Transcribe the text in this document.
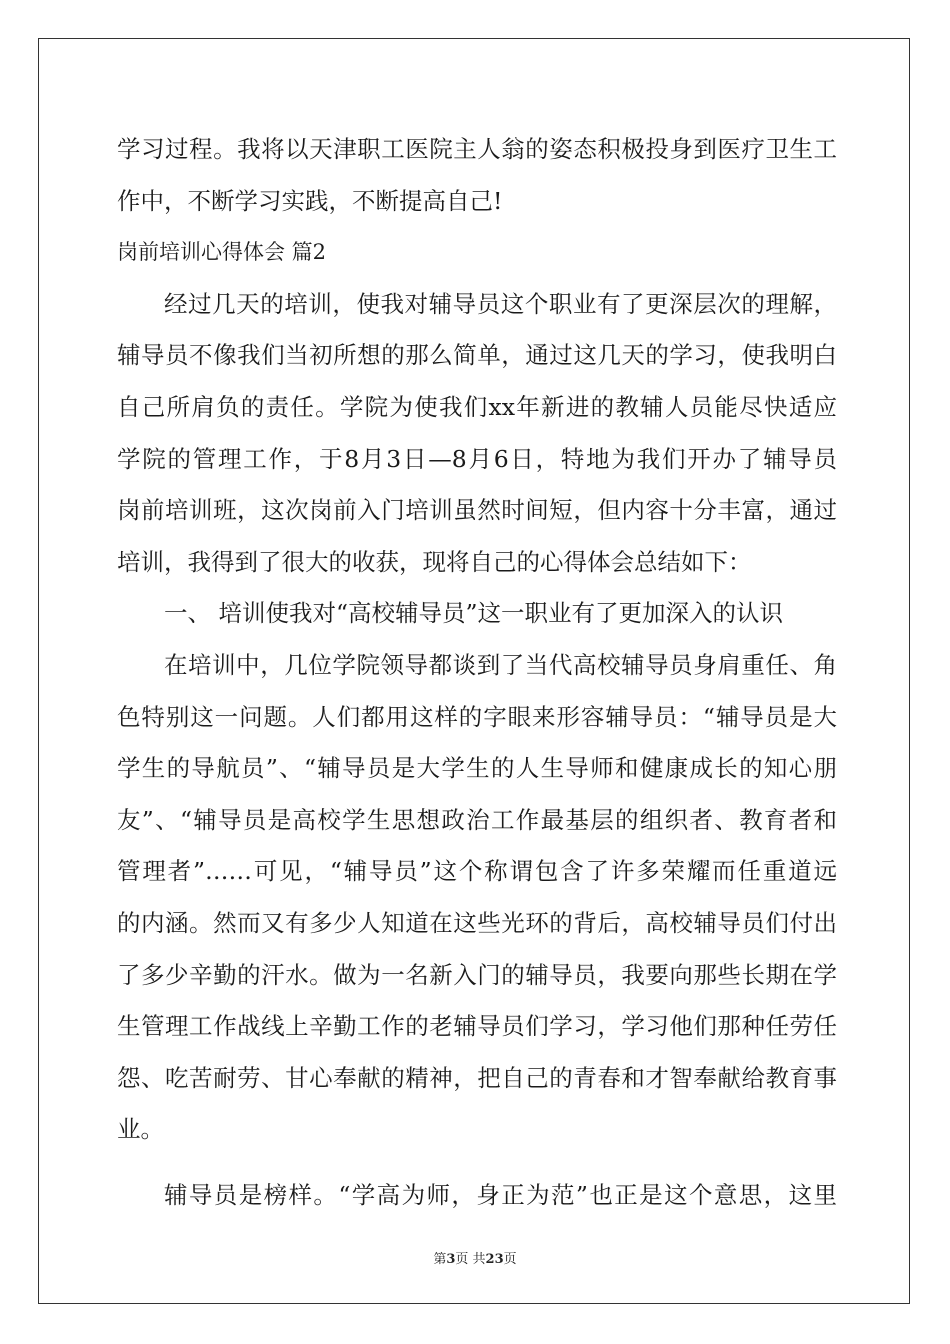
学习过程。我将以天津职工医院主人翁的姿态积极投身到医疗卫生工
作中，不断学习实践，不断提高自己!
岗前培训心得体会 篇2
经过几天的培训，使我对辅导员这个职业有了更深层次的理解，
辅导员不像我们当初所想的那么简单，通过这几天的学习，使我明白
自己所肩负的责任。学院为使我们xx年新进的教辅人员能尽快适应
学院的管理工作，于8月3日—8月6日，特地为我们开办了辅导员
岗前培训班，这次岗前入门培训虽然时间短，但内容十分丰富，通过
培训，我得到了很大的收获，现将自己的心得体会总结如下：
一、 培训使我对“高校辅导员”这一职业有了更加深入的认识
在培训中，几位学院领导都谈到了当代高校辅导员身肩重任、角
色特别这一问题。人们都用这样的字眼来形容辅导员：“辅导员是大
学生的导航员”、“辅导员是大学生的人生导师和健康成长的知心朋
友”、“辅导员是高校学生思想政治工作最基层的组织者、教育者和
管理者”……可见，“辅导员”这个称谓包含了许多荣耀而任重道远
的内涵。然而又有多少人知道在这些光环的背后，高校辅导员们付出
了多少辛勤的汗水。做为一名新入门的辅导员，我要向那些长期在学
生管理工作战线上辛勤工作的老辅导员们学习，学习他们那种任劳任
怨、吃苦耐劳、甘心奉献的精神，把自己的青春和才智奉献给教育事
业。
辅导员是榜样。“学高为师，身正为范”也正是这个意思，这里
第3页 共23页
